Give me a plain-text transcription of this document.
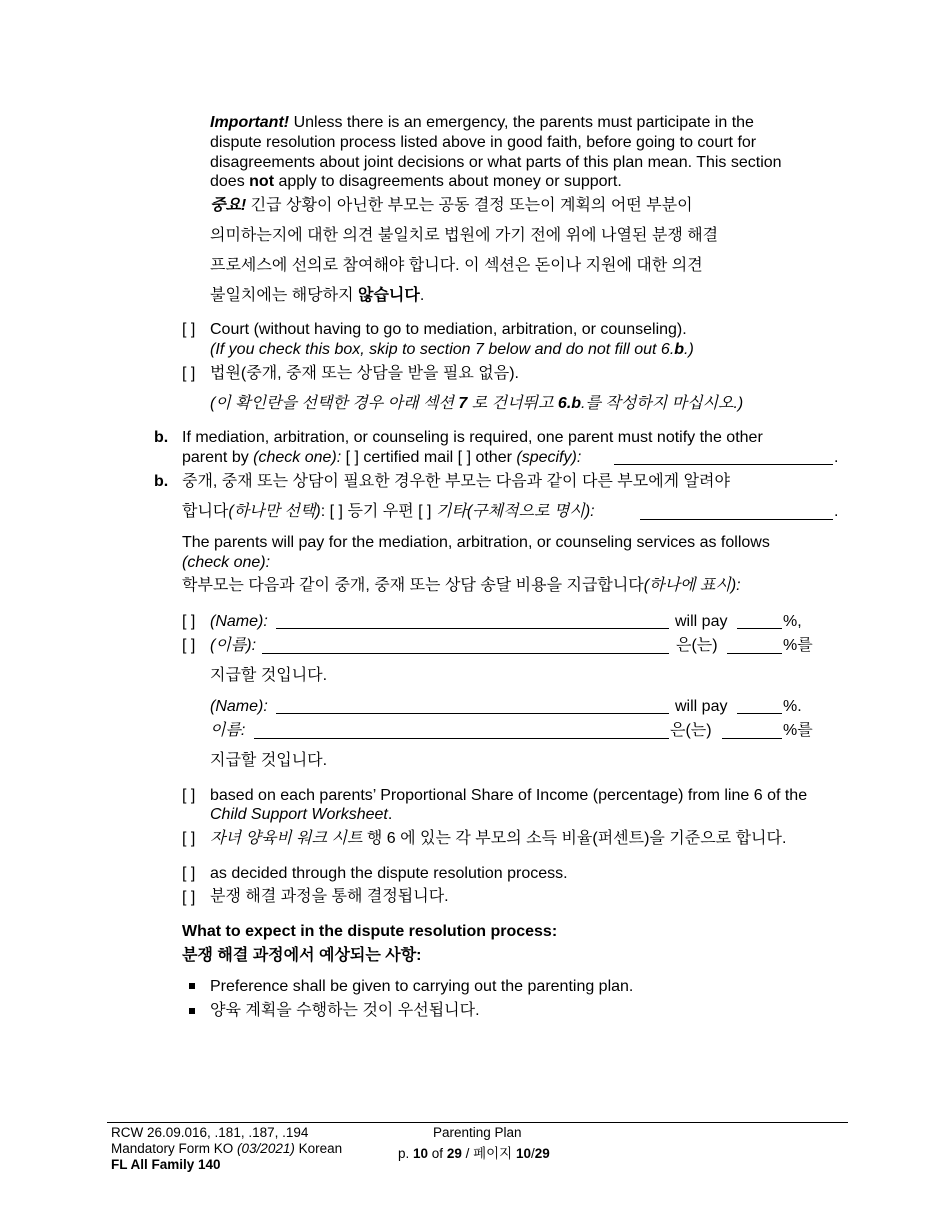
Important! Unless there is an emergency, the parents must participate in the
dispute resolution process listed above in good faith, before going to court for
disagreements about joint decisions or what parts of this plan mean. This section
does not apply to disagreements about money or support.
중요! 긴급 상황이 아닌한 부모는 공동 결정 또는이 계획의 어떤 부분이
의미하는지에 대한 의견 불일치로 법원에 가기 전에 위에 나열된 분쟁 해결
프로세스에 선의로 참여해야 합니다. 이 섹션은 돈이나 지원에 대한 의견
불일치에는 해당하지 않습니다.
[ ] Court (without having to go to mediation, arbitration, or counseling).
(If you check this box, skip to section 7 below and do not fill out 6.b.)
[ ] 법원(중개, 중재 또는 상담을 받을 필요 없음).
(이 확인란을 선택한 경우 아래 섹션 7 로 건너뛰고 6.b.를 작성하지 마십시오.)
b. If mediation, arbitration, or counseling is required, one parent must notify the other
parent by (check one): [ ] certified mail [ ] other (specify):	.
b. 중개, 중재 또는 상담이 필요한 경우한 부모는 다음과 같이 다른 부모에게 알려야
합니다(하나만 선택): [ ] 등기 우편 [ ] 기타(구체적으로 명시):	.
The parents will pay for the mediation, arbitration, or counseling services as follows
(check one):
학부모는 다음과 같이 중개, 중재 또는 상담 송달 비용을 지급합니다(하나에 표시):
[ ] (Name):	will pay	%,
[ ] (이름):	은(는)	%를
지급할 것입니다.
(Name):	will pay	%.
이름:	은(는)	%를
지급할 것입니다.
[ ] based on each parents’ Proportional Share of Income (percentage) from line 6 of the
Child Support Worksheet.
[ ] 자녀 양육비 워크 시트 행 6 에 있는 각 부모의 소득 비율(퍼센트)을 기준으로 합니다.
[ ] as decided through the dispute resolution process.
[ ] 분쟁 해결 과정을 통해 결정됩니다.
What to expect in the dispute resolution process:
분쟁 해결 과정에서 예상되는 사항:
Preference shall be given to carrying out the parenting plan.
양육 계획을 수행하는 것이 우선됩니다.
RCW 26.09.016, .181, .187, .194
Mandatory Form KO (03/2021) Korean
FL All Family 140
Parenting Plan
p. 10 of 29 / 페이지 10/29
